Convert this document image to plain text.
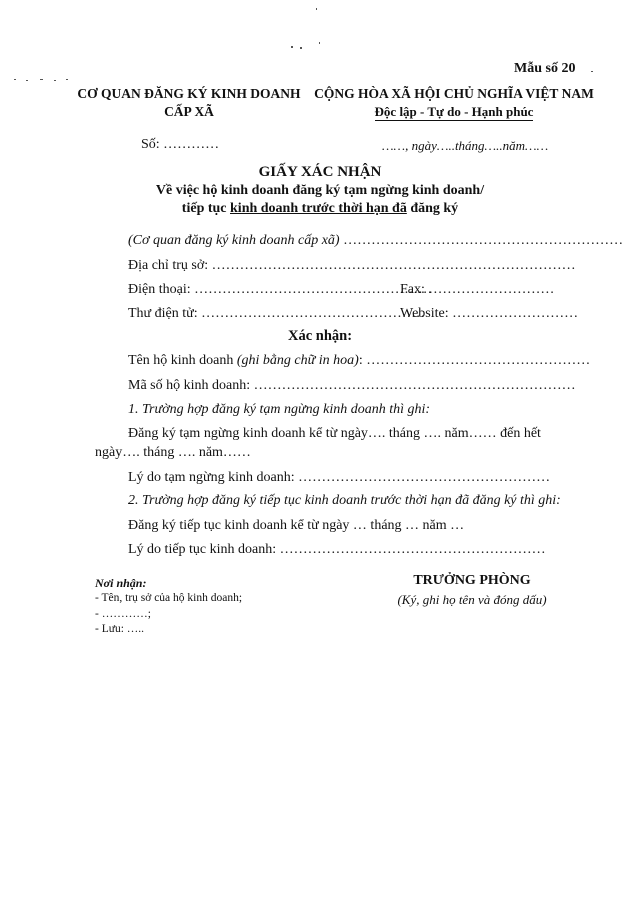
Mẫu số 20
CƠ QUAN ĐĂNG KÝ KINH DOANH
CẤP XÃ
Số: …………
CỘNG HÒA XÃ HỘI CHỦ NGHĨA VIỆT NAM
Độc lập - Tự do - Hạnh phúc
……, ngày…..tháng…..năm……
GIẤY XÁC NHẬN
Về việc hộ kinh doanh đăng ký tạm ngừng kinh doanh/
tiếp tục kinh doanh trước thời hạn đã đăng ký
(Cơ quan đăng ký kinh doanh cấp xã) ……………………………………………………
Địa chỉ trụ sở: ……………………………………………………………………
Điện thoại: ……………………………………………
Fax: ………………………
Thư điện tử: …………………………………………
Website: ………………………
Xác nhận:
Tên hộ kinh doanh (ghi bằng chữ in hoa): …………………………………………
Mã số hộ kinh doanh: ……………………………………………………………
1. Trường hợp đăng ký tạm ngừng kinh doanh thì ghi:
Đăng ký tạm ngừng kinh doanh kể từ ngày…. tháng …. năm…… đến hết
ngày…. tháng …. năm……
Lý do tạm ngừng kinh doanh: ………………………………………………
2. Trường hợp đăng ký tiếp tục kinh doanh trước thời hạn đã đăng ký thì ghi:
Đăng ký tiếp tục kinh doanh kể từ ngày … tháng … năm …
Lý do tiếp tục kinh doanh: …………………………………………………
Nơi nhận:
- Tên, trụ sở của hộ kinh doanh;
- …………;
- Lưu: …..
TRƯỞNG PHÒNG
(Ký, ghi họ tên và đóng dấu)
